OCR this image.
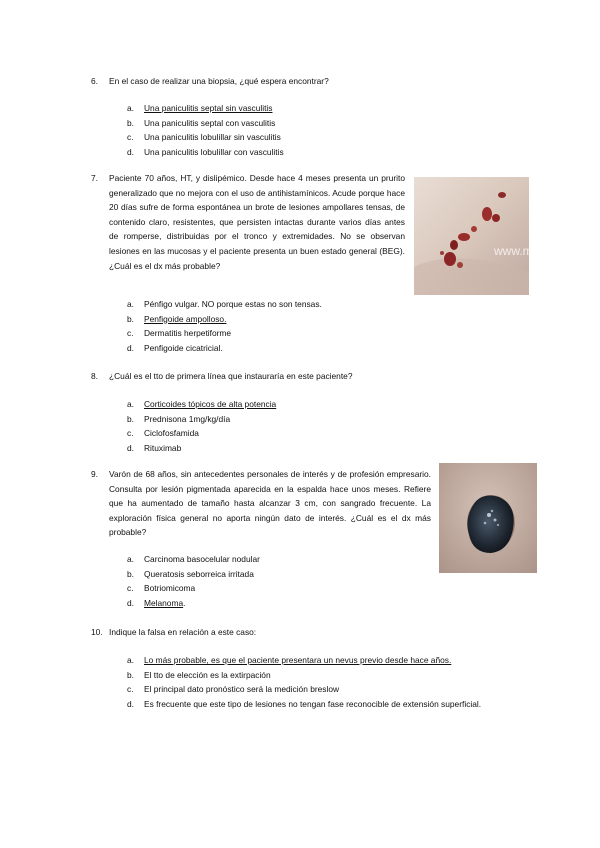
6. En el caso de realizar una biopsia, ¿qué espera encontrar?
a. Una paniculitis septal sin vasculitis
b. Una paniculitis septal con vasculitis
c. Una paniculitis lobulillar sin vasculitis
d. Una paniculitis lobulillar con vasculitis
7.	Paciente 70 años, HT, y dislipémico. Desde hace 4 meses presenta un prurito generalizado que no mejora con el uso de antihistamínicos. Acude porque hace 20 días sufre de forma espontánea un brote de lesiones ampollares tensas, de contenido claro, resistentes, que persisten intactas durante varios días antes de romperse, distribuidas por el tronco y extremidades. No se observan lesiones en las mucosas y el paciente presenta un buen estado general (BEG). ¿Cuál es el dx más probable?
www.m
a. Pénfigo vulgar. NO porque estas no son tensas.
b. Penfigoide ampolloso.
c. Dermatitis herpetiforme
d. Penfigoide cicatricial.
8. ¿Cuál es el tto de primera línea que instauraría en este paciente?
a. Corticoides tópicos de alta potencia
b. Prednisona 1mg/kg/día
c. Ciclofosfamida
d. Rituximab
9.	Varón de 68 años, sin antecedentes personales de interés y de profesión empresario. Consulta por lesión pigmentada aparecida en la espalda hace unos meses. Refiere que ha aumentado de tamaño hasta alcanzar 3 cm, con sangrado frecuente. La exploración física general no aporta ningún dato de interés. ¿Cuál es el dx más probable?
a. Carcinoma basocelular nodular
b. Queratosis seborreica irritada
c. Botriomicoma
d. Melanoma.
10. Indique la falsa en relación a este caso:
a. Lo más probable, es que el paciente presentara un nevus previo desde hace años.
b. El tto de elección es la extirpación
c. El principal dato pronóstico será la medición breslow
d. Es frecuente que este tipo de lesiones no tengan fase reconocible de extensión superficial.
